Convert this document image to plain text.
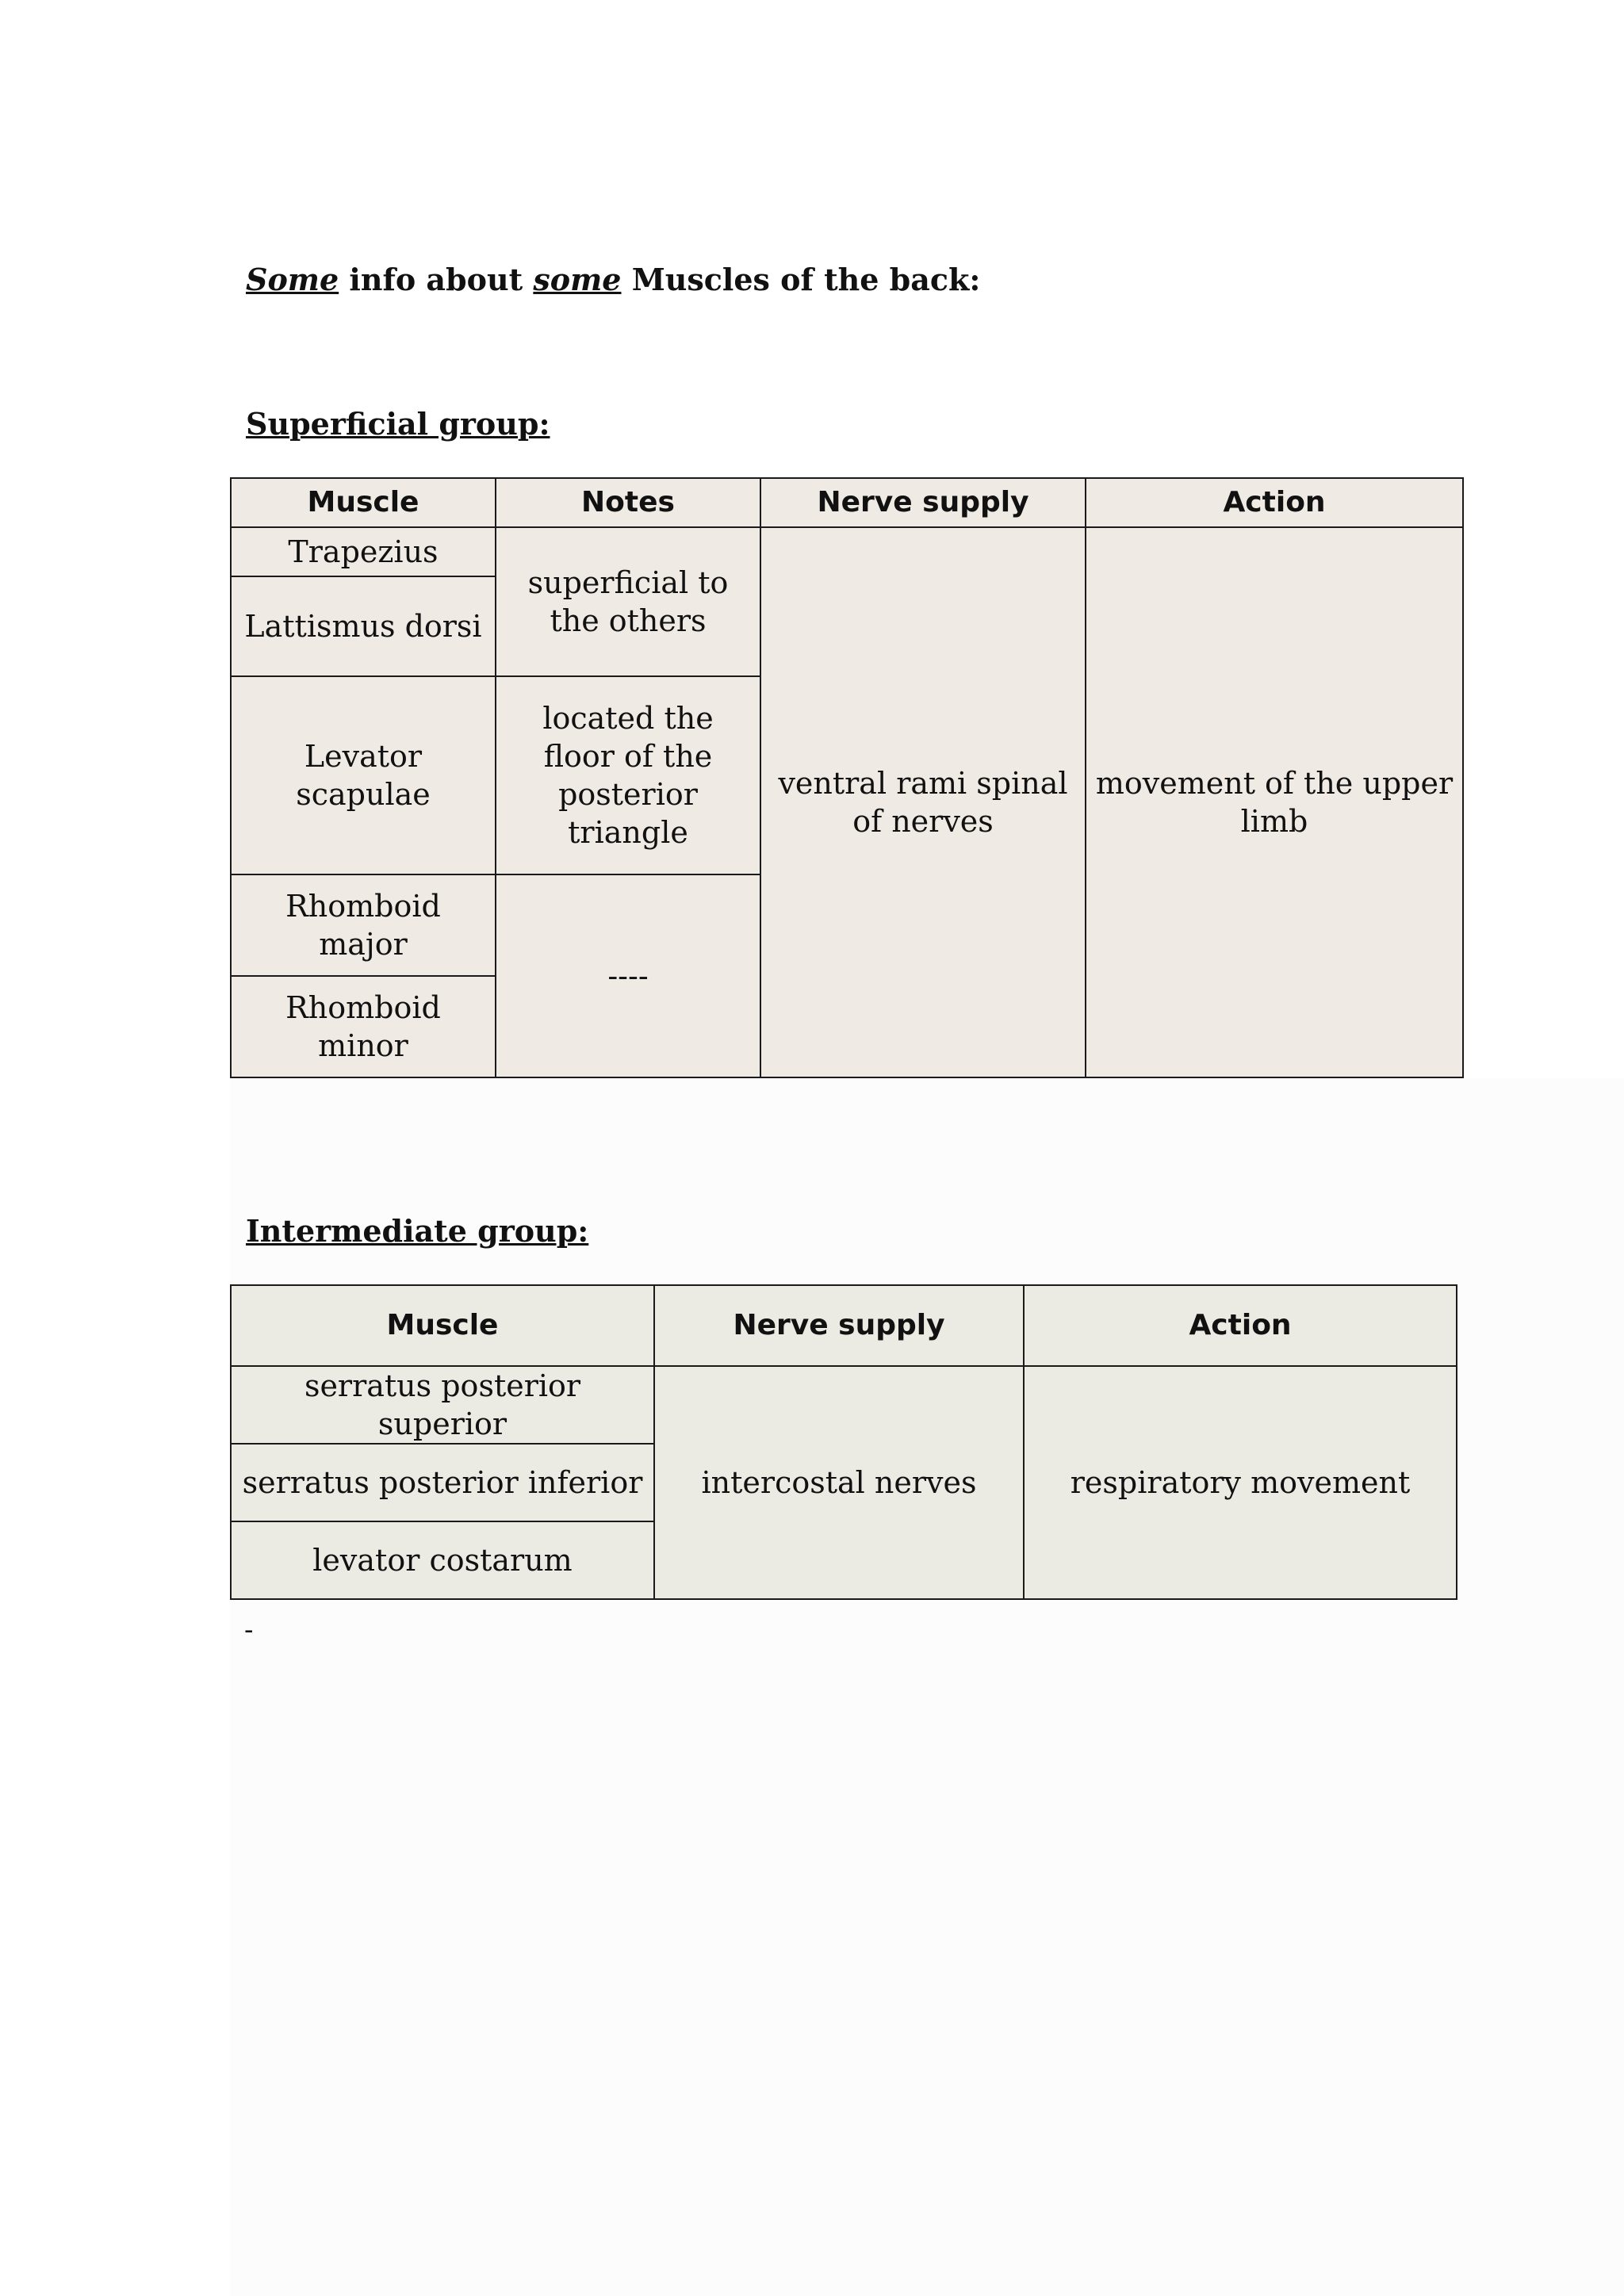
Some info about some Muscles of the back:
Superficial group:
Muscle	Notes	Nerve supply	Action
Trapezius	superficial to the others	ventral rami spinal of nerves	movement of the upper limb
Lattismus dorsi			
Levator scapulae	located the floor of the posterior triangle		
Rhomboid major	----		
Rhomboid minor			
Intermediate group:
Muscle	Nerve supply	Action
serratus posterior superior	intercostal nerves	respiratory movement
serratus posterior inferior		
levator costarum		
-
